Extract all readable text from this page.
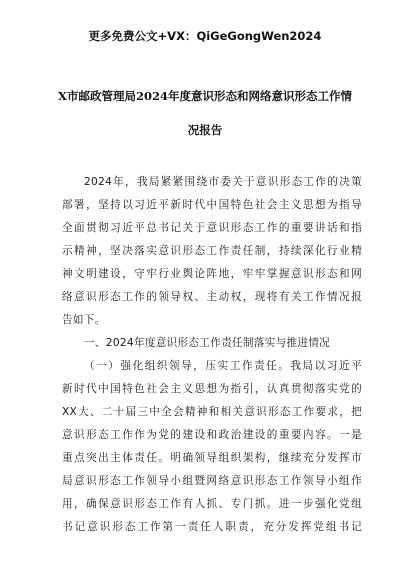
更多免费公文+VX：QiGeGongWen2024
X市邮政管理局2024年度意识形态和网络意识形态工作情
况报告
2024年，我局紧紧围绕市委关于意识形态工作的决策
部署，坚持以习近平新时代中国特色社会主义思想为指导
全面贯彻习近平总书记关于意识形态工作的重要讲话和指
示精神，坚决落实意识形态工作责任制，持续深化行业精
神文明建设，守牢行业舆论阵地，牢牢掌握意识形态和网
络意识形态工作的领导权、主动权，现将有关工作情况报
告如下。
一、2024年度意识形态工作责任制落实与推进情况
（一）强化组织领导，压实工作责任。我局以习近平
新时代中国特色社会主义思想为指引，认真贯彻落实党的
XX大、二十届三中全会精神和相关意识形态工作要求，把
意识形态工作作为党的建设和政治建设的重要内容。一是
重点突出主体责任。明确领导组织架构，继续充分发挥市
局意识形态工作领导小组暨网络意识形态工作领导小组作
用，确保意识形态工作有人抓、专门抓。进一步强化党组
书记意识形态工作第一责任人职责，充分发挥党组书记
